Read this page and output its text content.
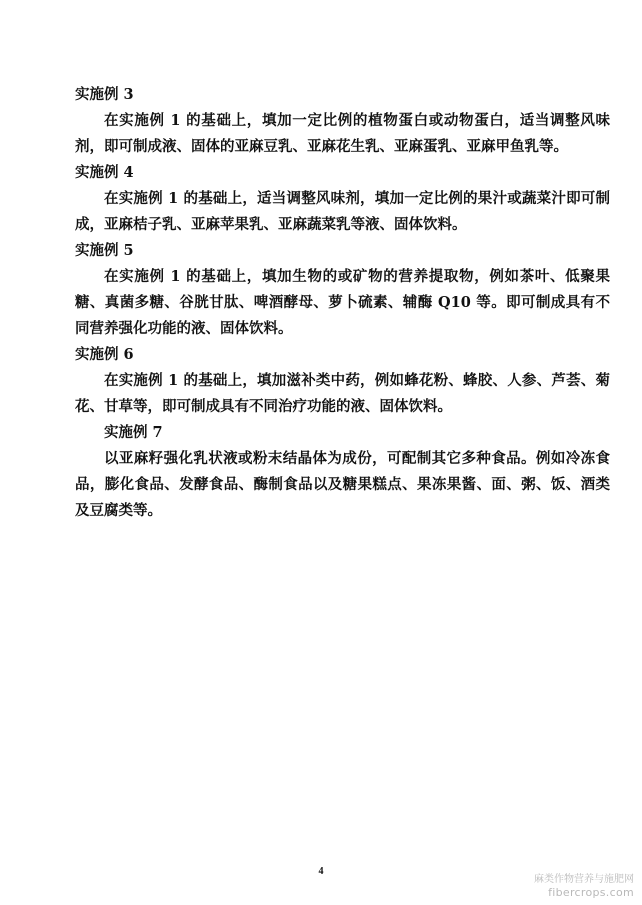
实施例 3

在实施例 1 的基础上，填加一定比例的植物蛋白或动物蛋白，适当调整风味剂，即可制成液、固体的亚麻豆乳、亚麻花生乳、亚麻蛋乳、亚麻甲鱼乳等。

实施例 4

在实施例 1 的基础上，适当调整风味剂，填加一定比例的果汁或蔬菜汁即可制成，亚麻桔子乳、亚麻苹果乳、亚麻蔬菜乳等液、固体饮料。

实施例 5

在实施例 1 的基础上，填加生物的或矿物的营养提取物，例如茶叶、低聚果糖、真菌多糖、谷胱甘肽、啤酒酵母、萝卜硫素、辅酶 Q10 等。即可制成具有不同营养强化功能的液、固体饮料。

实施例 6

在实施例 1 的基础上，填加滋补类中药，例如蜂花粉、蜂胶、人参、芦荟、菊花、甘草等，即可制成具有不同治疗功能的液、固体饮料。

实施例 7

以亚麻籽强化乳状液或粉末结晶体为成份，可配制其它多种食品。例如冷冻食品，膨化食品、发酵食品、酶制食品以及糖果糕点、果冻果酱、面、粥、饭、酒类及豆腐类等。

4
麻类作物营养与施肥网
fibercrops.com
